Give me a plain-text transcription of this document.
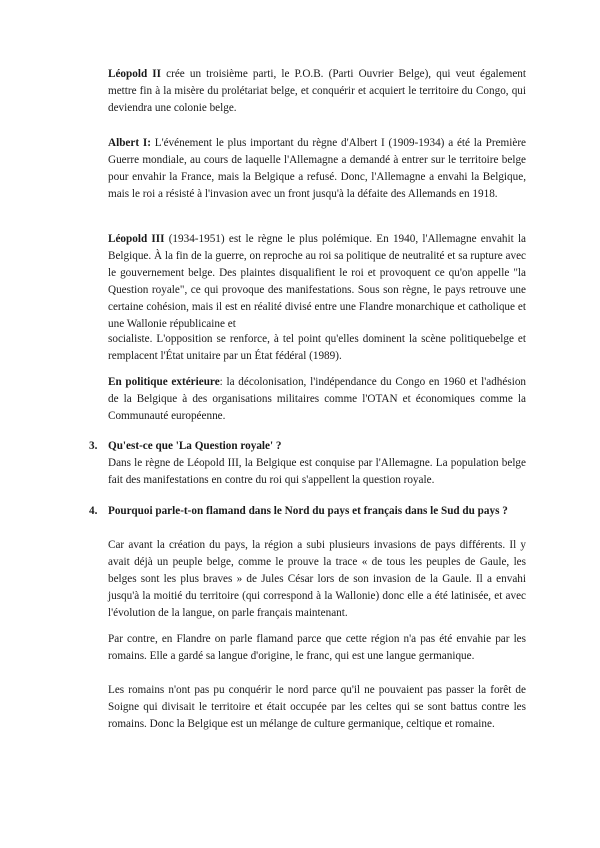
Léopold II crée un troisième parti, le P.O.B. (Parti Ouvrier Belge), qui veut également mettre fin à la misère du prolétariat belge, et conquérir et acquiert le territoire du Congo, qui deviendra une colonie belge.
Albert I: L'événement le plus important du règne d'Albert I (1909-1934) a été la Première Guerre mondiale, au cours de laquelle l'Allemagne a demandé à entrer sur le territoire belge pour envahir la France, mais la Belgique a refusé. Donc, l'Allemagne a envahi la Belgique, mais le roi a résisté à l'invasion avec un front jusqu'à la défaite des Allemands en 1918.
Léopold III (1934-1951) est le règne le plus polémique. En 1940, l'Allemagne envahit la Belgique. À la fin de la guerre, on reproche au roi sa politique de neutralité et sa rupture avec le gouvernement belge. Des plaintes disqualifient le roi et provoquent ce qu'on appelle "la Question royale", ce qui provoque des manifestations. Sous son règne, le pays retrouve une certaine cohésion, mais il est en réalité divisé entre une Flandre monarchique et catholique et une Wallonie républicaine et
socialiste. L'opposition se renforce, à tel point qu'elles dominent la scène politiquebelge et remplacent l'État unitaire par un État fédéral (1989).
En politique extérieure: la décolonisation, l'indépendance du Congo en 1960 et l'adhésion de la Belgique à des organisations militaires comme l'OTAN et économiques comme la Communauté européenne.
3. Qu'est-ce que 'La Question royale' ?
Dans le règne de Léopold III, la Belgique est conquise par l'Allemagne. La population belge fait des manifestations en contre du roi qui s'appellent la question royale.
4. Pourquoi parle-t-on flamand dans le Nord du pays et français dans le Sud du pays ?
Car avant la création du pays, la région a subi plusieurs invasions de pays différents. Il y avait déjà un peuple belge, comme le prouve la trace « de tous les peuples de Gaule, les belges sont les plus braves » de Jules César lors de son invasion de la Gaule. Il a envahi jusqu'à la moitié du territoire (qui correspond à la Wallonie) donc elle a été latinisée, et avec l'évolution de la langue, on parle français maintenant.
Par contre, en Flandre on parle flamand parce que cette région n'a pas été envahie par les romains. Elle a gardé sa langue d'origine, le franc, qui est une langue germanique.
Les romains n'ont pas pu conquérir le nord parce qu'il ne pouvaient pas passer la forêt de Soigne qui divisait le territoire et était occupée par les celtes qui se sont battus contre les romains. Donc la Belgique est un mélange de culture germanique, celtique et romaine.
